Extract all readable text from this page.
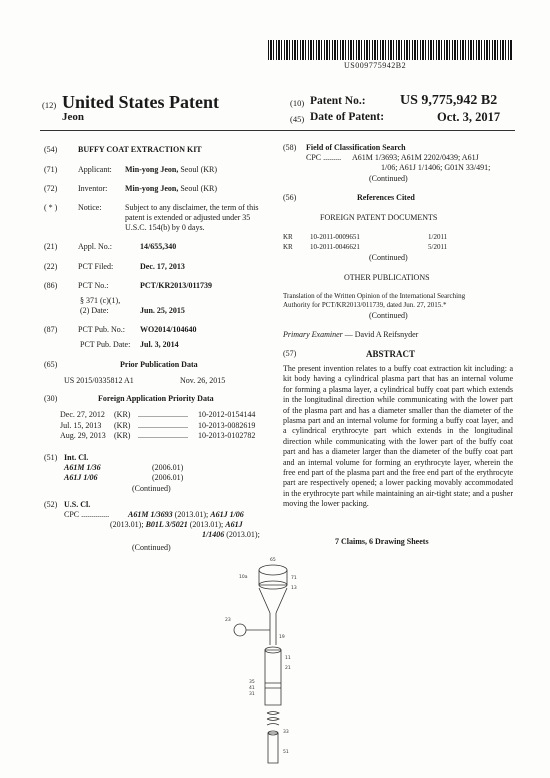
US009775942B2
(12) United States Patent
Jeon
(10) Patent No.: US 9,775,942 B2
(45) Date of Patent:	Oct. 3, 2017
(54)	BUFFY COAT EXTRACTION KIT
(71)	Applicant: Min-yong Jeon, Seoul (KR)
(72)	Inventor: Min-yong Jeon, Seoul (KR)
( * )	Notice:	Subject to any disclaimer, the term of this
patent is extended or adjusted under 35
U.S.C. 154(b) by 0 days.
(21)	Appl. No.:	14/655,340
(22)	PCT Filed:	Dec. 17, 2013
(86)	PCT No.:	PCT/KR2013/011739
§ 371 (c)(1),
(2) Date:	Jun. 25, 2015
(87)	PCT Pub. No.: WO2014/104640
PCT Pub. Date: Jul. 3, 2014
(65)	Prior Publication Data
US 2015/0335812 A1	Nov. 26, 2015
(30)	Foreign Application Priority Data
Dec. 27, 2012 (KR)	10-2012-0154144
.........................
Jul. 15, 2013 (KR)	10-2013-0082619
.........................
Aug. 29, 2013 (KR)	10-2013-0102782
.........................
(51) Int. Cl.
A61M 1/36	(2006.01)
A61J 1/06	(2006.01)
(Continued)
(52) U.S. Cl.
CPC .............. A61M 1/3693 (2013.01); A61J 1/06
(2013.01); B01L 3/5021 (2013.01); A61J
1/1406 (2013.01);
(Continued)
(58) Field of Classification Search
CPC ......... A61M 1/3693; A61M 2202/0439; A61J
1/06; A61J 1/1406; G01N 33/491;
(Continued)
(56)	References Cited
FOREIGN PATENT DOCUMENTS
KR 10-2011-0009651	1/2011
KR 10-2011-0046621	5/2011
(Continued)
OTHER PUBLICATIONS
Translation of the Written Opinion of the International Searching
Authority for PCT/KR2013/011739, dated Jun. 27, 2015.*
(Continued)
Primary Examiner — David A Reifsnyder
(57)	ABSTRACT
The present invention relates to a buffy coat extraction kit including: a kit body having a cylindrical plasma part that has an internal volume for forming a plasma layer, a cylindrical buffy coat part which extends in the longitudinal direction while communicating with the lower part of the plasma part and has a diameter smaller than the diameter of the plasma part and an internal volume for forming a buffy coat layer, and a cylindrical erythrocyte part which extends in the longitudinal direction while communicating with the lower part of the buffy coat part and has a diameter larger than the diameter of the buffy coat part and an internal volume for forming an erythrocyte layer, wherein the free end part of the plasma part and the free end part of the erythrocyte part are respectively opened; a lower packing movably accommodated in the erythrocyte part while maintaining an air-tight state; and a pusher moving the lower packing.
7 Claims, 6 Drawing Sheets
65
10a	71
13
23
19
11
21
35
41
31
33
51
